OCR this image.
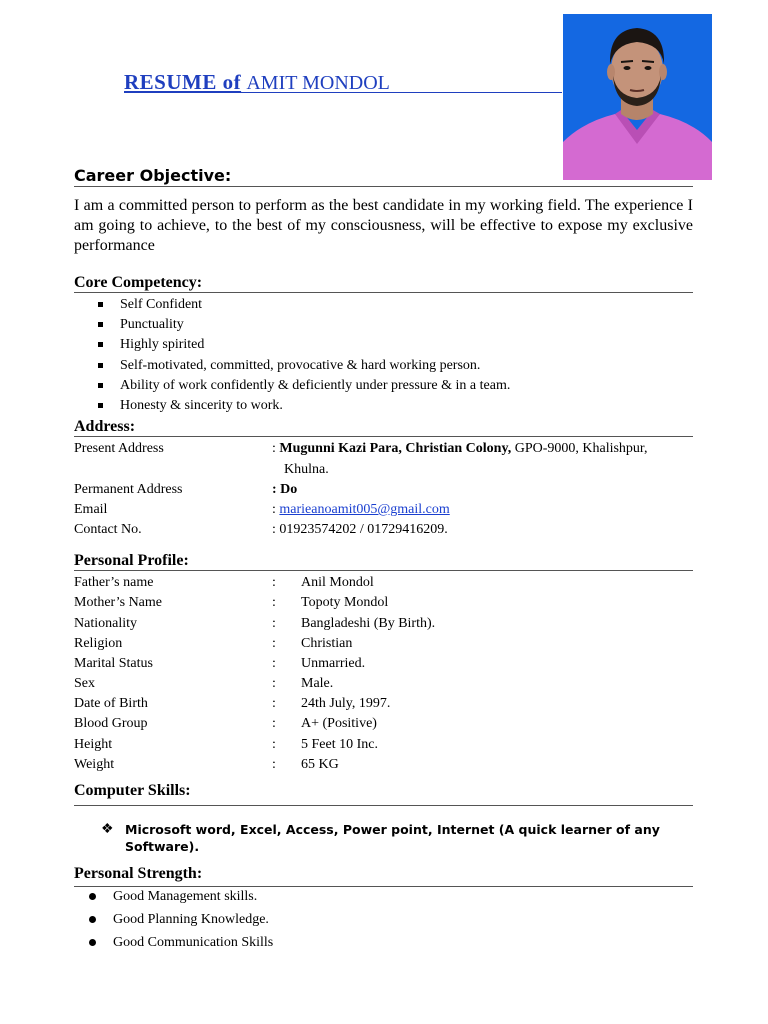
RESUME of AMIT MONDOL
Career Objective:
I am a committed person to perform as the best candidate in my working field. The experience I am going to achieve, to the best of my consciousness, will be effective to expose my exclusive performance
Core Competency:
Self Confident
Punctuality
Highly spirited
Self-motivated, committed, provocative & hard working person.
Ability of work confidently & deficiently under pressure & in a team.
Honesty & sincerity to work.
Address:
Present Address	: Mugunni Kazi Para, Christian Colony, GPO-9000, Khalishpur,
Khulna.
Permanent Address	: Do
Email	: marieanoamit005@gmail.com
Contact No.	: 01923574202 / 01729416209.
Personal Profile:
Father’s name	: Anil Mondol
Mother’s Name	: Topoty Mondol
Nationality	: Bangladeshi (By Birth).
Religion	: Christian
Marital Status	: Unmarried.
Sex	: Male.
Date of Birth	: 24th July, 1997.
Blood Group	: A+ (Positive)
Height	: 5 Feet 10 Inc.
Weight	: 65 KG
Computer Skills:
❖ Microsoft word, Excel, Access, Power point, Internet (A quick learner of any Software).
Personal Strength:
Good Management skills.
Good Planning Knowledge.
Good Communication Skills
